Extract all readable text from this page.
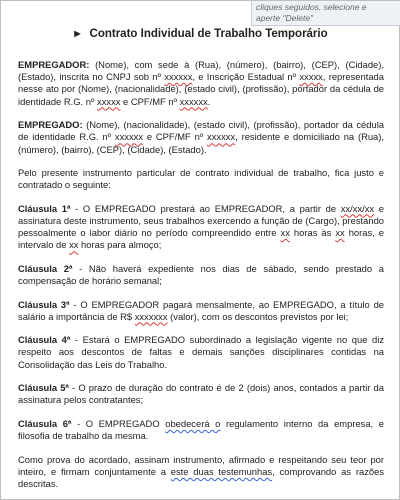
cliques seguidos, selecione e
aperte "Delete"
▶ Contrato Individual de Trabalho Temporário

EMPREGADOR: (Nome), com sede à (Rua), (número), (bairro), (CEP), (Cidade), (Estado), inscrita no CNPJ sob nº xxxxxx, e Inscrição Estadual nº xxxxx, representada nesse ato por (Nome), (nacionalidade), (estado civil), (profissão), portador da cédula de identidade R.G. nº xxxxx e CPF/MF nº xxxxxx.

EMPREGADO: (Nome), (nacionalidade), (estado civil), (profissão), portador da cédula de identidade R.G. nº xxxxxx e CPF/MF nº xxxxxx, residente e domiciliado na (Rua), (número), (bairro), (CEP), (Cidade), (Estado).

Pelo presente instrumento particular de contrato individual de trabalho, fica justo e contratado o seguinte:

Cláusula 1ª - O EMPREGADO prestará ao EMPREGADOR, a partir de xx/xx/xx e assinatura deste instrumento, seus trabalhos exercendo a função de (Cargo), prestando pessoalmente o labor diário no período compreendido entre xx horas às xx horas, e intervalo de xx horas para almoço;

Cláusula 2ª - Não haverá expediente nos dias de sábado, sendo prestado a compensação de horário semanal;

Cláusula 3ª - O EMPREGADOR pagará mensalmente, ao EMPREGADO, a título de salário a importância de R$ xxxxxxx (valor), com os descontos previstos por lei;

Cláusula 4ª - Estará o EMPREGADO subordinado a legislação vigente no que diz respeito aos descontos de faltas e demais sanções disciplinares contidas na Consolidação das Leis do Trabalho.

Cláusula 5ª - O prazo de duração do contrato é de 2 (dois) anos, contados a partir da assinatura pelos contratantes;

Cláusula 6ª - O EMPREGADO obedecerá o regulamento interno da empresa, e filosofia de trabalho da mesma.

Como prova do acordado, assinam instrumento, afirmado e respeitando seu teor por inteiro, e firmam conjuntamente a este duas testemunhas, comprovando as razões descritas.
